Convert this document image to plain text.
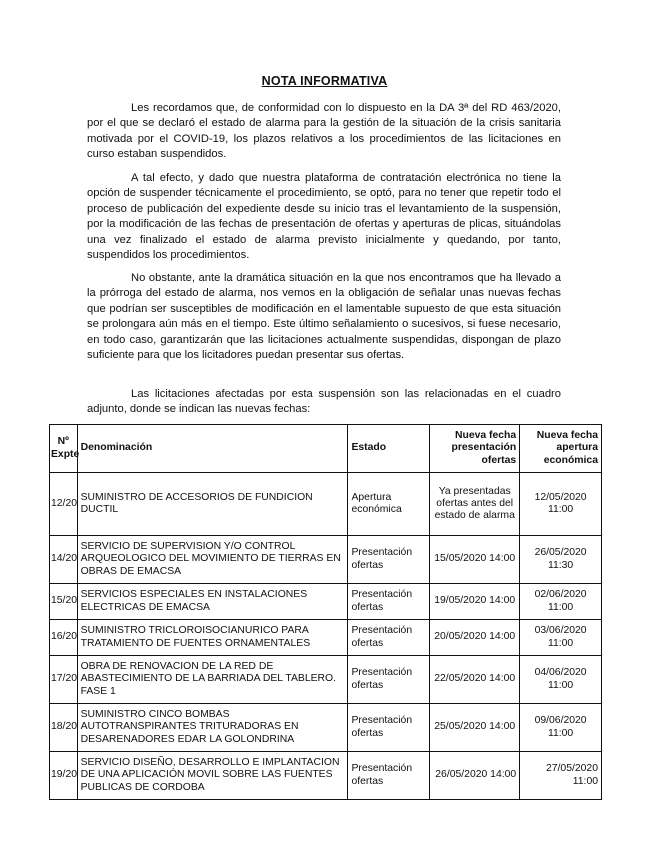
NOTA INFORMATIVA

Les recordamos que, de conformidad con lo dispuesto en la DA 3ª del RD 463/2020, por el que se declaró el estado de alarma para la gestión de la situación de la crisis sanitaria motivada por el COVID-19, los plazos relativos a los procedimientos de las licitaciones en curso estaban suspendidos.

A tal efecto, y dado que nuestra plataforma de contratación electrónica no tiene la opción de suspender técnicamente el procedimiento, se optó, para no tener que repetir todo el proceso de publicación del expediente desde su inicio tras el levantamiento de la suspensión, por la modificación de las fechas de presentación de ofertas y aperturas de plicas, situándolas una vez finalizado el estado de alarma previsto inicialmente y quedando, por tanto, suspendidos los procedimientos.

No obstante, ante la dramática situación en la que nos encontramos que ha llevado a la prórroga del estado de alarma, nos vemos en la obligación de señalar unas nuevas fechas que podrían ser susceptibles de modificación en el lamentable supuesto de que esta situación se prolongara aún más en el tiempo. Este último señalamiento o sucesivos, si fuese necesario, en todo caso, garantizarán que las licitaciones actualmente suspendidas, dispongan de plazo suficiente para que los licitadores puedan presentar sus ofertas.

Las licitaciones afectadas por esta suspensión son las relacionadas en el cuadro adjunto, donde se indican las nuevas fechas:

Nº Expte	Denominación	Estado	Nueva fecha presentación ofertas	Nueva fecha apertura económica
12/20	SUMINISTRO DE ACCESORIOS DE FUNDICION DUCTIL	Apertura económica	Ya presentadas ofertas antes del estado de alarma	12/05/2020 11:00
14/20	SERVICIO DE SUPERVISION Y/O CONTROL ARQUEOLOGICO DEL MOVIMIENTO DE TIERRAS EN OBRAS DE EMACSA	Presentación ofertas	15/05/2020 14:00	26/05/2020 11:30
15/20	SERVICIOS ESPECIALES EN INSTALACIONES ELECTRICAS DE EMACSA	Presentación ofertas	19/05/2020 14:00	02/06/2020 11:00
16/20	SUMINISTRO TRICLOROISOCIANURICO PARA TRATAMIENTO DE FUENTES ORNAMENTALES	Presentación ofertas	20/05/2020 14:00	03/06/2020 11:00
17/20	OBRA DE RENOVACION DE LA RED DE ABASTECIMIENTO DE LA BARRIADA DEL TABLERO. FASE 1	Presentación ofertas	22/05/2020 14:00	04/06/2020 11:00
18/20	SUMINISTRO CINCO BOMBAS AUTOTRANSPIRANTES TRITURADORAS EN DESARENADORES EDAR LA GOLONDRINA	Presentación ofertas	25/05/2020 14:00	09/06/2020 11:00
19/20	SERVICIO DISEÑO, DESARROLLO E IMPLANTACION DE UNA APLICACIÓN MOVIL SOBRE LAS FUENTES PUBLICAS DE CORDOBA	Presentación ofertas	26/05/2020 14:00	27/05/2020 11:00
